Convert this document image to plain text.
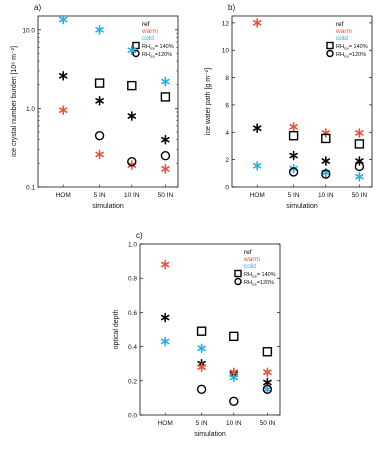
a)
0.1
1.0
10.0
HOM	5 IN	10 IN	50 IN
simulation
ice crystal number burden [10⁶ m⁻²]
ref
warm
cold
$RH_{ice}= 140\%$
$RH_{ice}=120\%$
b)
0
2
4
6
8
10
12
HOM	5 IN	10 IN	50 IN
simulation
ice water path [g m⁻²]
ref
warm
cold
$RH_{ice}= 140\%$
$RH_{ice}=120\%$
c)
0.0
0.2
0.4
0.6
0.8
1.0
HOM	5 IN	10 IN	50 IN
simulation
optical depth
ref
warm
cold
$RH_{ice}= 140\%$
$RH_{ice}=120\%$
